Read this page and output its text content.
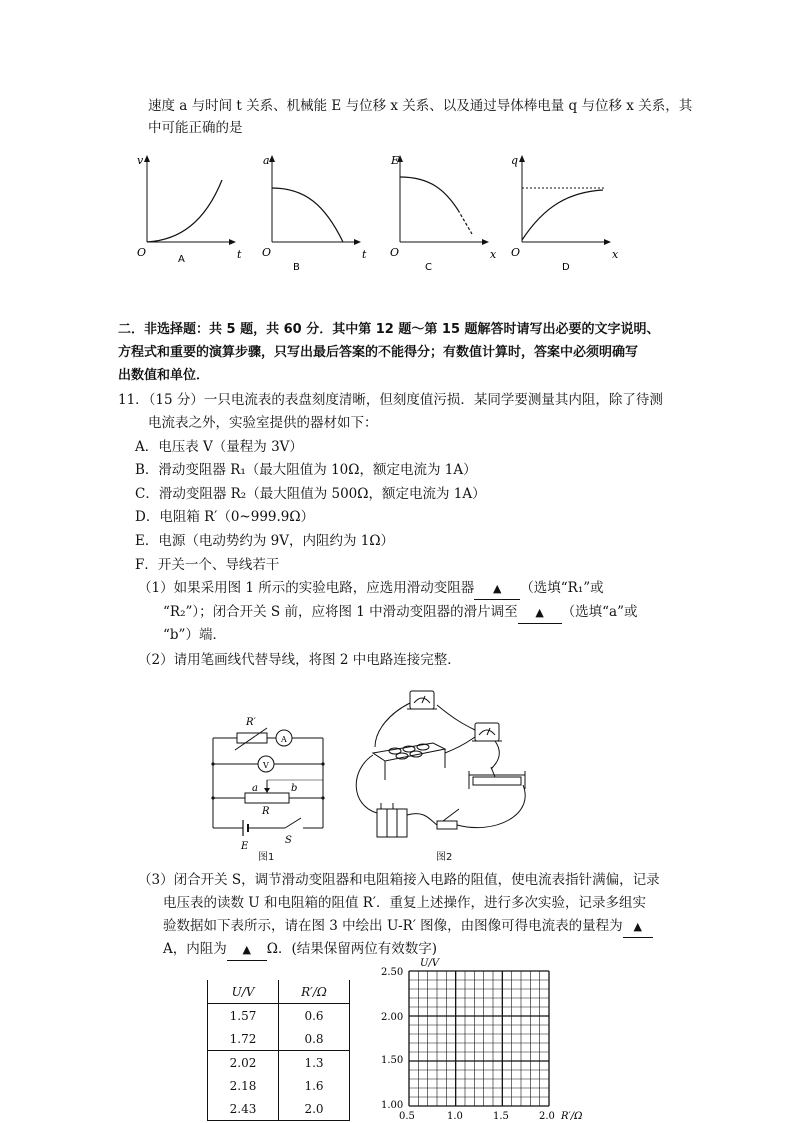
速度 a 与时间 t 关系、机械能 E 与位移 x 关系、以及通过导体棒电量 q 与位移 x 关系，其
中可能正确的是
v
t
O
A
a
t
O
B
E
x
O
C
q
x
O
D
二．非选择题：共 5 题，共 60 分．其中第 12 题～第 15 题解答时请写出必要的文字说明、
方程式和重要的演算步骤，只写出最后答案的不能得分；有数值计算时，答案中必须明确写
出数值和单位．
11．（15 分）一只电流表的表盘刻度清晰，但刻度值污损．某同学要测量其内阻，除了待测
电流表之外，实验室提供的器材如下：
A．电压表 V（量程为 3V）
B．滑动变阻器 R₁（最大阻值为 10Ω，额定电流为 1A）
C．滑动变阻器 R₂（最大阻值为 500Ω，额定电流为 1A）
D．电阻箱 R′（0~999.9Ω）
E．电源（电动势约为 9V，内阻约为 1Ω）
F．开关一个、导线若干
（1）如果采用图 1 所示的实验电路，应选用滑动变阻器 ▲ （选填“R₁”或
“R₂”）；闭合开关 S 前，应将图 1 中滑动变阻器的滑片调至 ▲ （选填“a”或
“b”）端．
（2）请用笔画线代替导线，将图 2 中电路连接完整．
R′
A
V
a	b
R
E
S
图1	图2
（3）闭合开关 S，调节滑动变阻器和电阻箱接入电路的阻值，使电流表指针满偏，记录
电压表的读数 U 和电阻箱的阻值 R′．重复上述操作，进行多次实验，记录多组实
验数据如下表所示，请在图 3 中绘出 U-R′ 图像，由图像可得电流表的量程为 ▲
A，内阻为 ▲ Ω．(结果保留两位有效数字)
U/V	R′/Ω
1.57	0.6
1.72	0.8
2.02	1.3
2.18	1.6
2.43	2.0
U/V
R′/Ω
2.50
2.00
1.50
1.00
0.5	1.0	1.5	2.0
